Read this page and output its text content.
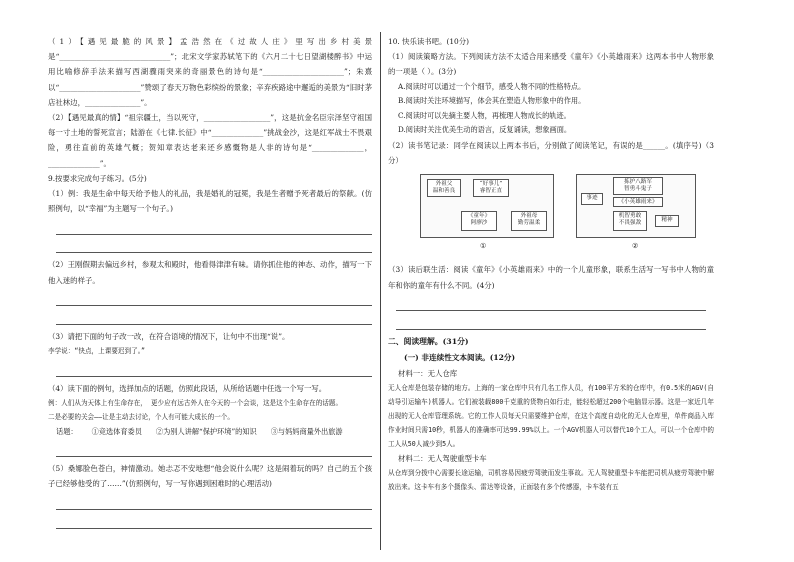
（1）【遇见最脆的风景】孟浩然在《过故人庄》里写出乡村美景是“______________________________”；北宋文学家苏轼笔下的《六月二十七日望湖楼醉书》中运用比喻修辞手法来描写西湖骤雨突来的奇丽景色的诗句是“______________________”；朱熹以“______________________”赞颂了春天万物色彩缤纷的景象；辛弃疾路途中邂逅的美景为“旧时茅店社林边，_______________”。

（2）【遇见最真的情】“祖宗疆土，当以死守，__________________”，这是抗金名臣宗泽坚守祖国每一寸土地的誓死宣言；陆游在《七律.长征》中“______________”挑战金沙，这是红军战士不畏艰险，勇往直前的英雄气概；贺知章表达老来还乡感慨物是人非的诗句是“______________，______________”。

9.按要求完成句子练习。(5分)

（1）例：我是生命中每天给予他人的礼品，我是婚礼的冠冕，我是生者赠予死者最后的祭献。(仿照例句，以“幸福”为主题写一个句子。)

（2）王刚假期去偏远乡村，参观太和殿时，他看得津津有味。请你抓住他的神态、动作，描写一下他入迷的样子。

（3）请把下面的句子改一改，在符合语境的情况下，让句中不出现“说”。

李学说：“快点，上课要迟到了。”

（4）读下面的例句，选择加点的话题，仿照此段话，从所给话题中任选一个写一写。

例：人们从为天体上有生命存在， 更少应有远古外人在今天的一个会谈，这是这个生命存在的话题。

二是必要的关会——让是主动去讨论，个人有可能大成长的一个。

话题： ①竞选体育委员 ②为别人讲解“保护环境”的知识 ③与妈妈商量外出旅游

（5）桑娜脸色苍白，神情激动。她忐忑不安地想“他会说什么呢？这是闹着玩的吗？自己的五个孩子已经够他受的了……”(仿照例句，写一写你遇到困难时的心理活动)

10. 快乐读书吧。(10分)

（1）阅读策略方法。下列阅读方法不太适合用来感受《童年》《小英雄雨来》这两本书中人物形象的一项是（ ）。(3分)

A.阅读时可以通过一个个细节，感受人物不同的性格特点。

B.阅读时关注环境描写，体会其在塑造人物形象中的作用。

C.阅读时可以先摘主要人物，再梳理人物成长的轨迹。

D.阅读时关注优美生动的语言，反复诵读，想象画面。

（2）读书笔记录：同学在阅读以上两本书后，分别做了阅读笔记，有误的是______。(填序号)（3分）

外祖父
温和善良
“好事儿”
睿智正直
《童年》
阿廖沙
外祖母
勤劳温柔
①
事迹
拣护八路军
智勇斗鬼子
《小英雄雨来》
机智勇敢
不畏强敌	精神
②

（3）读后联生活：阅读《童年》《小英雄雨来》中的一个儿童形象，联系生活写一写书中人物的童年和你的童年有什么不同。(4分)

二、阅读理解。(31分)

(一) 非连续性文本阅读。(12分)

材料一：无人仓库

无人仓库是包装存储的地方。上海的一家仓库中只有几名工作人员，有100平方米的仓库中，有0.5米的AGV(自动导引运输车)机器人。它们被装载800千克重的货物自如行走，能轻松超过200个电脑显示器。这是一家近几年出现的无人仓库管理系统。它的工作人员每天只需要维护仓库，在这个高度自动化的无人仓库里，单件商品入库作业时间只需10秒，机器人的准确率可达99.99%以上。一个AGV机器人可以替代10个工人，可以一个仓库中的工人从50人减少到5人。

材料二：无人驾驶重型卡车

从仓库到分拨中心需要长途运输，司机容易因疲劳驾驶而发生事故。无人驾驶重型卡车能把司机从疲劳驾驶中解放出来。这卡车有多个摄像头、雷达等设备，正面装有多个传感器，卡车装有五
